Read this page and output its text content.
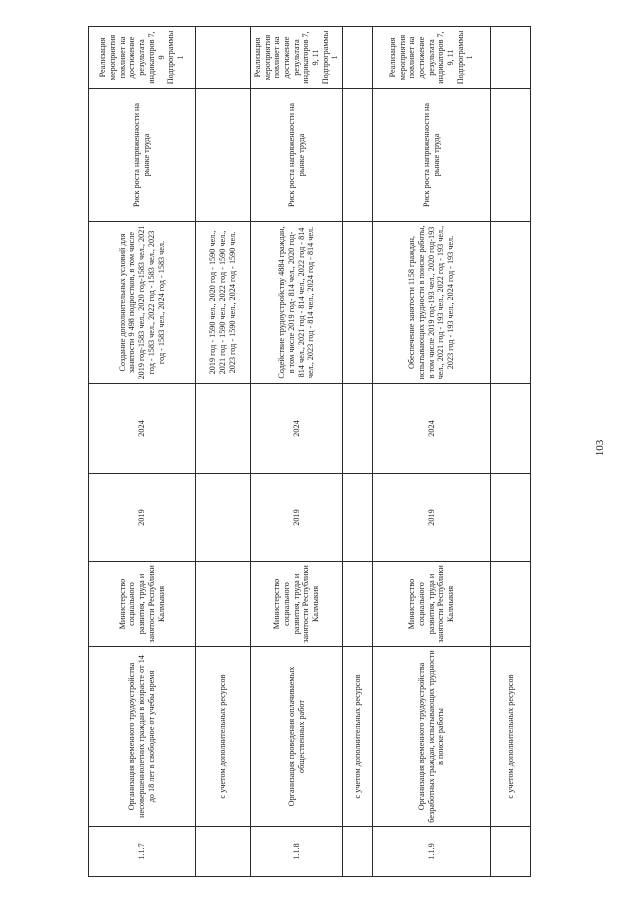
1.1.7	Организация временного трудоустройства несовершеннолетних граждан в возрасте от 14 до 18 лет в свободное от учебы время	Министерство социального развития, труда и занятости Республики Калмыкия	2019	2024	Создание дополнительных условий для занятости 9 498 подростков, в том числе 2019 год-1583 чел., 2020 год-1583 чел., 2021 год - 1583 чел., 2022 год - 1583 чел., 2023 год - 1583 чел., 2024 год - 1583 чел.	Риск роста напряженности на рынке труда	Реализация мероприятия повлияет на достижение результата индикаторов 7, 9 Подпрограммы 1
	с учетом дополнительных ресурсов				2019 год - 1590 чел., 2020 год - 1590 чел., 2021 год - 1590 чел., 2022 год - 1590 чел., 2023 год - 1590 чел., 2024 год - 1590 чел.		
1.1.8	Организация проведения оплачиваемых общественных работ	Министерство социального развития, труда и занятости Республики Калмыкия	2019	2024	Содействие трудоустройству 4884 граждан, в том числе 2019 год- 814 чел., 2020 год- 814 чел., 2021 год - 814 чел., 2022 год - 814 чел., 2023 год - 814 чел., 2024 год - 814 чел.	Риск роста напряженности на рынке труда	Реализация мероприятия повлияет на достижение результата индикаторов 7, 9, 11 Подпрограммы 1
	с учетом дополнительных ресурсов						
1.1.9	Организация временного трудоустройства безработных граждан, испытывающих трудности в поиске работы	Министерство социального развития, труда и занятости Республики Калмыкия	2019	2024	Обеспечение занятости 1158 граждан, испытывающих трудности в поиске работы, в том числе 2019 год-193 чел., 2020 год-193 чел., 2021 год - 193 чел., 2022 год - 193 чел., 2023 год - 193 чел., 2024 год - 193 чел.	Риск роста напряженности на рынке труда	Реализация мероприятия повлияет на достижение результата индикаторов 7, 9, 11 Подпрограммы 1
	с учетом дополнительных ресурсов						
103
